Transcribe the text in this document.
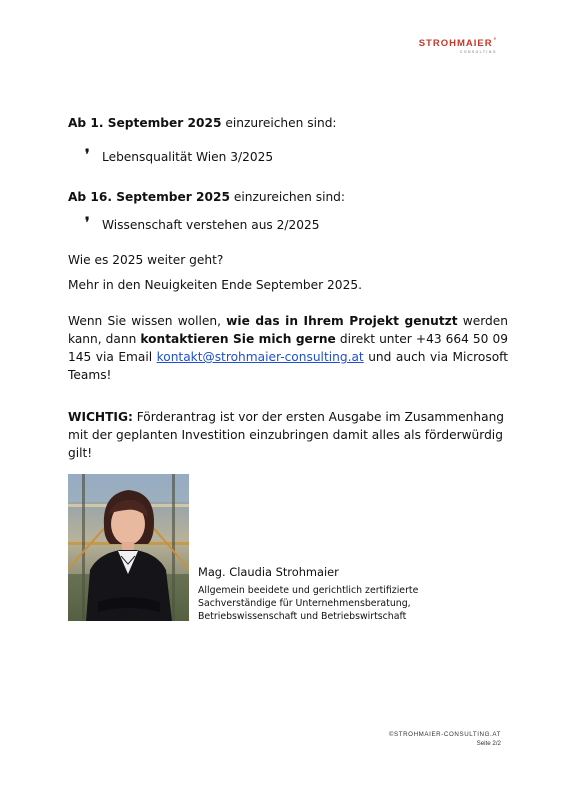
STROHMAIER°
CONSULTING

Ab 1. September 2025 einzureichen sind:

❜ Lebensqualität Wien 3/2025

Ab 16. September 2025 einzureichen sind:

❜ Wissenschaft verstehen aus 2/2025

Wie es 2025 weiter geht?

Mehr in den Neuigkeiten Ende September 2025.

Wenn Sie wissen wollen, wie das in Ihrem Projekt genutzt werden kann, dann kontaktieren Sie mich gerne direkt unter +43 664 50 09 145 via Email kontakt@strohmaier-consulting.at und auch via Microsoft Teams!

WICHTIG: Förderantrag ist vor der ersten Ausgabe im Zusammenhang mit der geplanten Investition einzubringen damit alles als förderwürdig gilt!

Mag. Claudia Strohmaier

Allgemein beeidete und gerichtlich zertifizierte

Sachverständige für Unternehmensberatung,

Betriebswissenschaft und Betriebswirtschaft

©STROHMAIER-CONSULTING.AT
Seite 2/2
